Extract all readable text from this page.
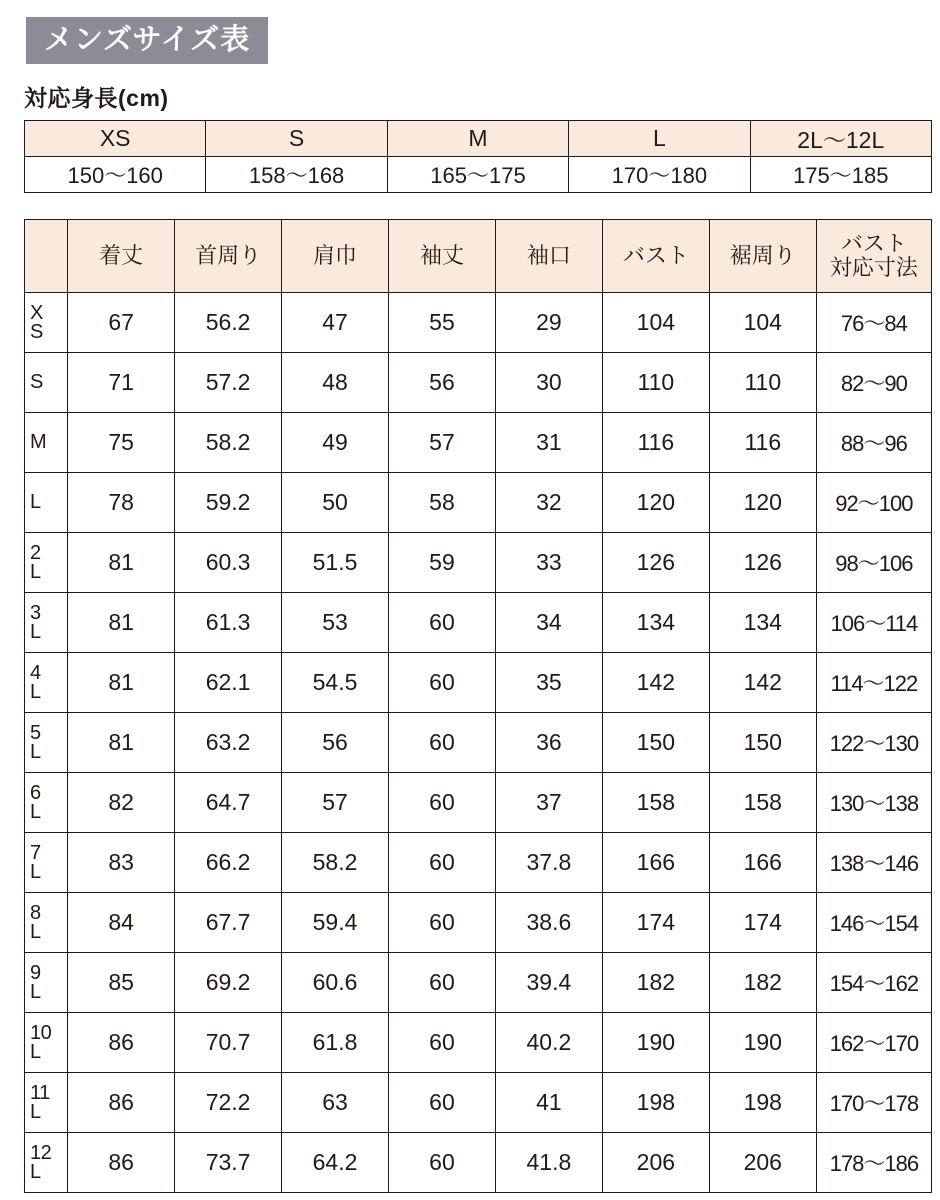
メンズサイズ表
対応身長(cm)
XS	S	M	L	2L〜12L
150〜160	158〜168	165〜175	170〜180	175〜185
	着丈	首周り	肩巾	袖丈	袖口	バスト	裾周り	バスト
対応寸法

X
S	67	56.2	47	55	29	104	104	76〜84

S	71	57.2	48	56	30	110	110	82〜90

M	75	58.2	49	57	31	116	116	88〜96

L	78	59.2	50	58	32	120	120	92〜100

2
L	81	60.3	51.5	59	33	126	126	98〜106

3
L	81	61.3	53	60	34	134	134	106〜114

4
L	81	62.1	54.5	60	35	142	142	114〜122

5
L	81	63.2	56	60	36	150	150	122〜130

6
L	82	64.7	57	60	37	158	158	130〜138

7
L	83	66.2	58.2	60	37.8	166	166	138〜146

8
L	84	67.7	59.4	60	38.6	174	174	146〜154

9
L	85	69.2	60.6	60	39.4	182	182	154〜162

10
L	86	70.7	61.8	60	40.2	190	190	162〜170

11
L	86	72.2	63	60	41	198	198	170〜178

12
L	86	73.7	64.2	60	41.8	206	206	178〜186
